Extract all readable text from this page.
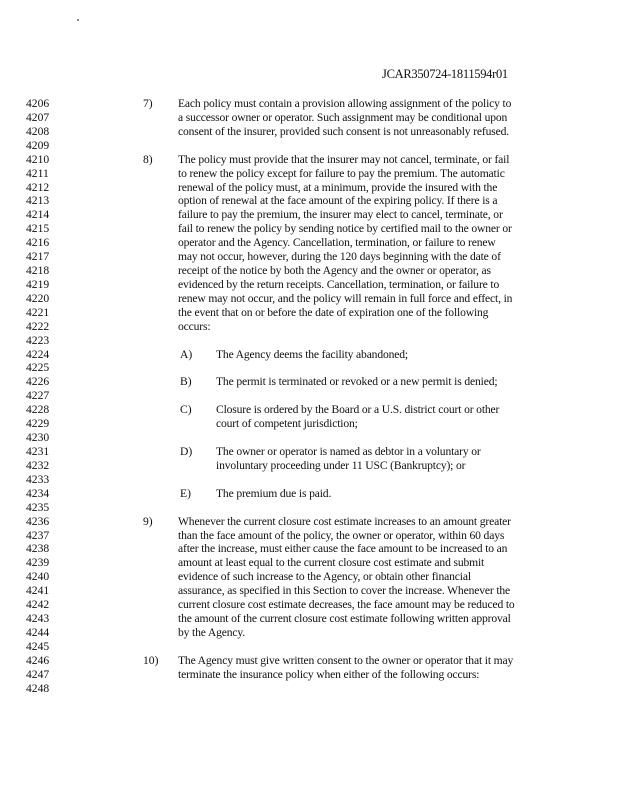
JCAR350724-1811594r01
4206	7) Each policy must contain a provision allowing assignment of the policy to
4207	a successor owner or operator. Such assignment may be conditional upon
4208	consent of the insurer, provided such consent is not unreasonably refused.
4209
4210	8) The policy must provide that the insurer may not cancel, terminate, or fail
4211	to renew the policy except for failure to pay the premium. The automatic
4212	renewal of the policy must, at a minimum, provide the insured with the
4213	option of renewal at the face amount of the expiring policy. If there is a
4214	failure to pay the premium, the insurer may elect to cancel, terminate, or
4215	fail to renew the policy by sending notice by certified mail to the owner or
4216	operator and the Agency. Cancellation, termination, or failure to renew
4217	may not occur, however, during the 120 days beginning with the date of
4218	receipt of the notice by both the Agency and the owner or operator, as
4219	evidenced by the return receipts. Cancellation, termination, or failure to
4220	renew may not occur, and the policy will remain in full force and effect, in
4221	the event that on or before the date of expiration one of the following
4222	occurs:
4223
4224	A) The Agency deems the facility abandoned;
4225
4226	B) The permit is terminated or revoked or a new permit is denied;
4227
4228	C) Closure is ordered by the Board or a U.S. district court or other
4229	court of competent jurisdiction;
4230
4231	D) The owner or operator is named as debtor in a voluntary or
4232	involuntary proceeding under 11 USC (Bankruptcy); or
4233
4234	E) The premium due is paid.
4235
4236	9) Whenever the current closure cost estimate increases to an amount greater
4237	than the face amount of the policy, the owner or operator, within 60 days
4238	after the increase, must either cause the face amount to be increased to an
4239	amount at least equal to the current closure cost estimate and submit
4240	evidence of such increase to the Agency, or obtain other financial
4241	assurance, as specified in this Section to cover the increase. Whenever the
4242	current closure cost estimate decreases, the face amount may be reduced to
4243	the amount of the current closure cost estimate following written approval
4244	by the Agency.
4245
4246	10) The Agency must give written consent to the owner or operator that it may
4247	terminate the insurance policy when either of the following occurs:
4248
